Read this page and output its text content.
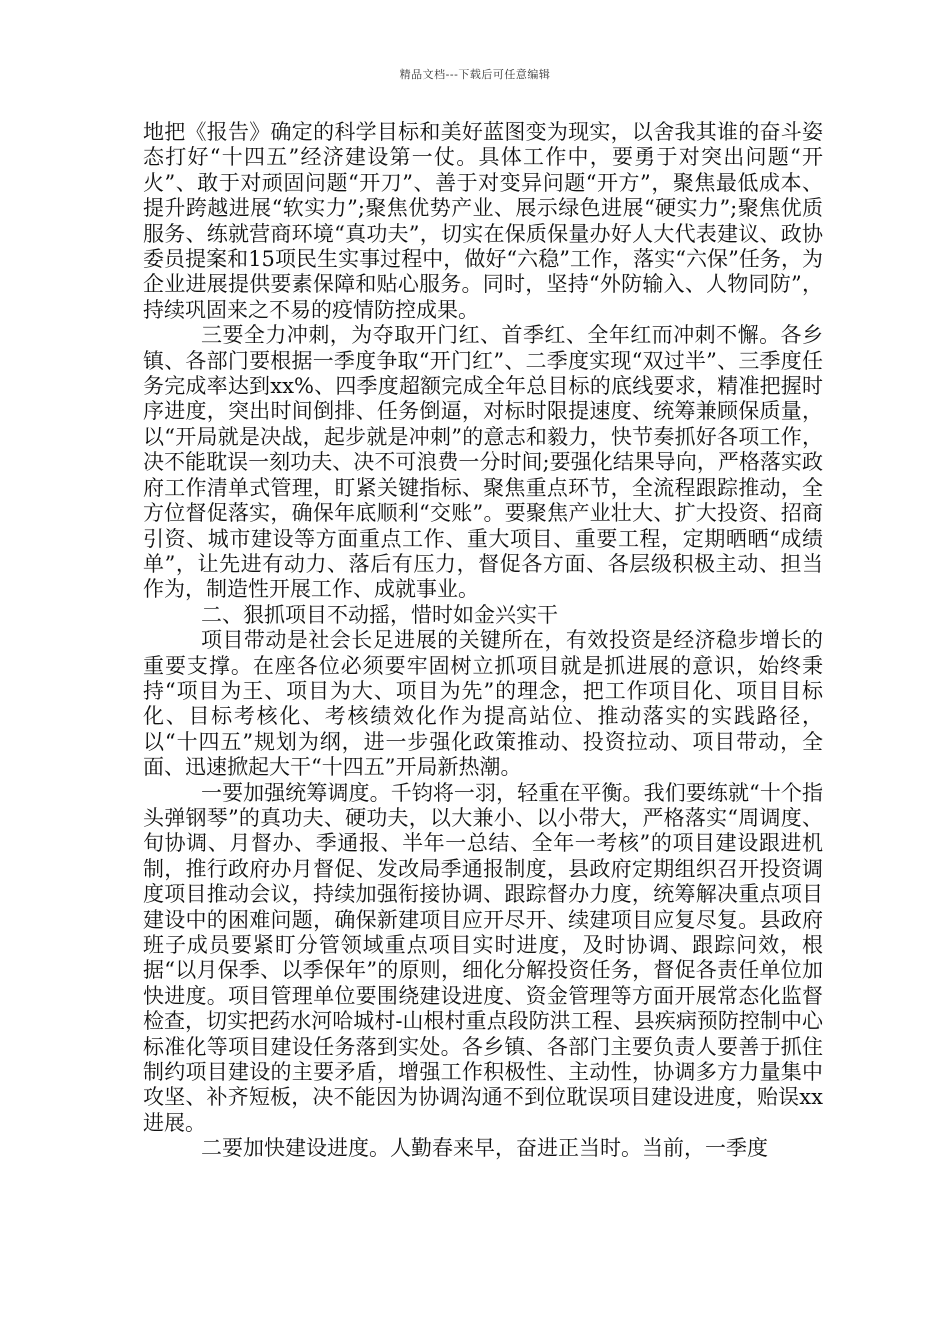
精品文档---下载后可任意编辑

地把《报告》确定的科学目标和美好蓝图变为现实，以舍我其谁的奋斗姿态打好“十四五”经济建设第一仗。具体工作中，要勇于对突出问题“开火”、敢于对顽固问题“开刀”、善于对变异问题“开方”，聚焦最低成本、提升跨越进展“软实力”;聚焦优势产业、展示绿色进展“硬实力”;聚焦优质服务、练就营商环境“真功夫”，切实在保质保量办好人大代表建议、政协委员提案和15项民生实事过程中，做好“六稳”工作，落实“六保”任务，为企业进展提供要素保障和贴心服务。同时，坚持“外防输入、人物同防”，持续巩固来之不易的疫情防控成果。

三要全力冲刺，为夺取开门红、首季红、全年红而冲刺不懈。各乡镇、各部门要根据一季度争取“开门红”、二季度实现“双过半”、三季度任务完成率达到xx%、四季度超额完成全年总目标的底线要求，精准把握时序进度，突出时间倒排、任务倒逼，对标时限提速度、统筹兼顾保质量，以“开局就是决战，起步就是冲刺”的意志和毅力，快节奏抓好各项工作，决不能耽误一刻功夫、决不可浪费一分时间;要强化结果导向，严格落实政府工作清单式管理，盯紧关键指标、聚焦重点环节，全流程跟踪推动，全方位督促落实，确保年底顺利“交账”。要聚焦产业壮大、扩大投资、招商引资、城市建设等方面重点工作、重大项目、重要工程，定期晒晒“成绩单”，让先进有动力、落后有压力，督促各方面、各层级积极主动、担当作为，制造性开展工作、成就事业。

二、狠抓项目不动摇，惜时如金兴实干

项目带动是社会长足进展的关键所在，有效投资是经济稳步增长的重要支撑。在座各位必须要牢固树立抓项目就是抓进展的意识，始终秉持“项目为王、项目为大、项目为先”的理念，把工作项目化、项目目标化、目标考核化、考核绩效化作为提高站位、推动落实的实践路径，以“十四五”规划为纲，进一步强化政策推动、投资拉动、项目带动，全面、迅速掀起大干“十四五”开局新热潮。

一要加强统筹调度。千钧将一羽，轻重在平衡。我们要练就“十个指头弹钢琴”的真功夫、硬功夫，以大兼小、以小带大，严格落实“周调度、旬协调、月督办、季通报、半年一总结、全年一考核”的项目建设跟进机制，推行政府办月督促、发改局季通报制度，县政府定期组织召开投资调度项目推动会议，持续加强衔接协调、跟踪督办力度，统筹解决重点项目建设中的困难问题，确保新建项目应开尽开、续建项目应复尽复。县政府班子成员要紧盯分管领域重点项目实时进度，及时协调、跟踪问效，根据“以月保季、以季保年”的原则，细化分解投资任务，督促各责任单位加快进度。项目管理单位要围绕建设进度、资金管理等方面开展常态化监督检查，切实把药水河哈城村-山根村重点段防洪工程、县疾病预防控制中心标准化等项目建设任务落到实处。各乡镇、各部门主要负责人要善于抓住制约项目建设的主要矛盾，增强工作积极性、主动性，协调多方力量集中攻坚、补齐短板，决不能因为协调沟通不到位耽误项目建设进度，贻误xx进展。

二要加快建设进度。人勤春来早，奋进正当时。当前，一季度
